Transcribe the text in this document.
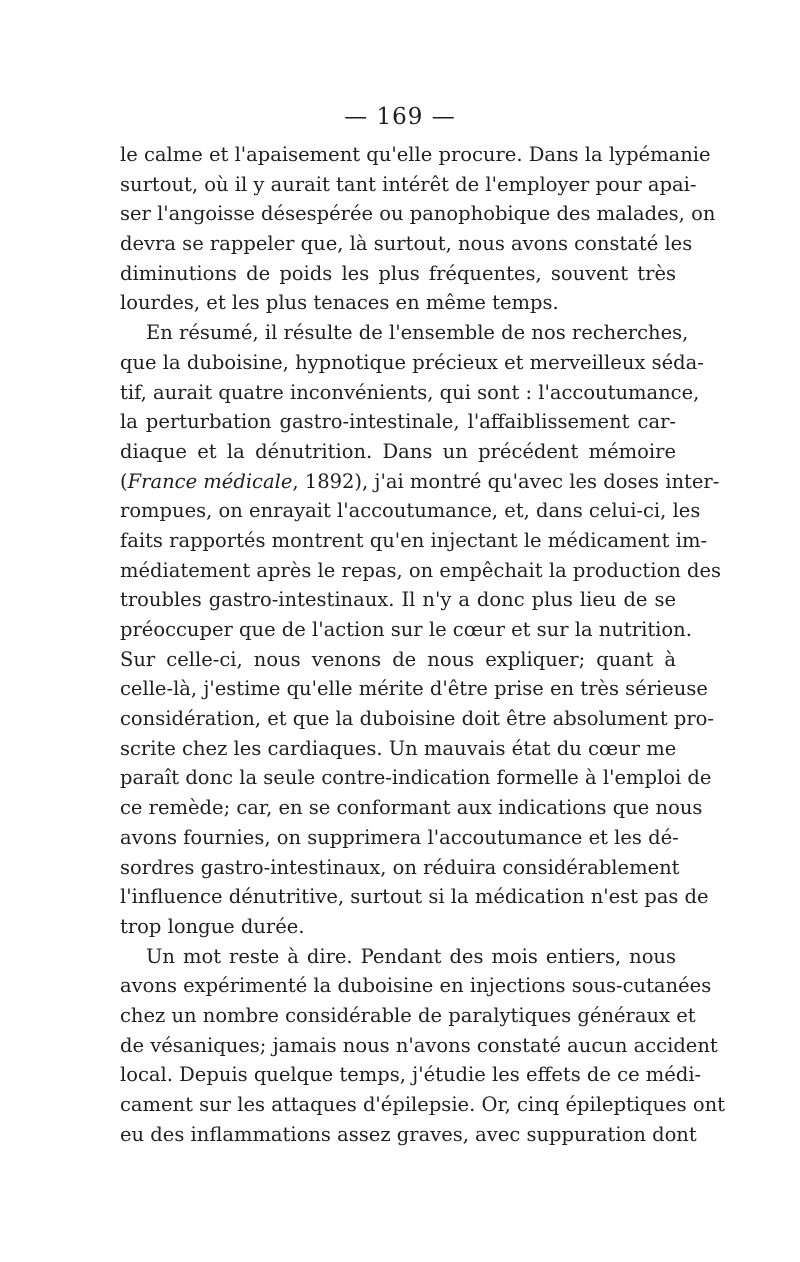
— 169 —
le calme et l'apaisement qu'elle procure. Dans la lypémanie
surtout, où il y aurait tant intérêt de l'employer pour apai-
ser l'angoisse désespérée ou panophobique des malades, on
devra se rappeler que, là surtout, nous avons constaté les
diminutions de poids les plus fréquentes, souvent très
lourdes, et les plus tenaces en même temps.
En résumé, il résulte de l'ensemble de nos recherches,
que la duboisine, hypnotique précieux et merveilleux séda-
tif, aurait quatre inconvénients, qui sont : l'accoutumance,
la perturbation gastro-intestinale, l'affaiblissement car-
diaque et la dénutrition. Dans un précédent mémoire
(France médicale, 1892), j'ai montré qu'avec les doses inter-
rompues, on enrayait l'accoutumance, et, dans celui-ci, les
faits rapportés montrent qu'en injectant le médicament im-
médiatement après le repas, on empêchait la production des
troubles gastro-intestinaux. Il n'y a donc plus lieu de se
préoccuper que de l'action sur le cœur et sur la nutrition.
Sur celle-ci, nous venons de nous expliquer; quant à
celle-là, j'estime qu'elle mérite d'être prise en très sérieuse
considération, et que la duboisine doit être absolument pro-
scrite chez les cardiaques. Un mauvais état du cœur me
paraît donc la seule contre-indication formelle à l'emploi de
ce remède; car, en se conformant aux indications que nous
avons fournies, on supprimera l'accoutumance et les dé-
sordres gastro-intestinaux, on réduira considérablement
l'influence dénutritive, surtout si la médication n'est pas de
trop longue durée.
Un mot reste à dire. Pendant des mois entiers, nous
avons expérimenté la duboisine en injections sous-cutanées
chez un nombre considérable de paralytiques généraux et
de vésaniques; jamais nous n'avons constaté aucun accident
local. Depuis quelque temps, j'étudie les effets de ce médi-
cament sur les attaques d'épilepsie. Or, cinq épileptiques ont
eu des inflammations assez graves, avec suppuration dont
